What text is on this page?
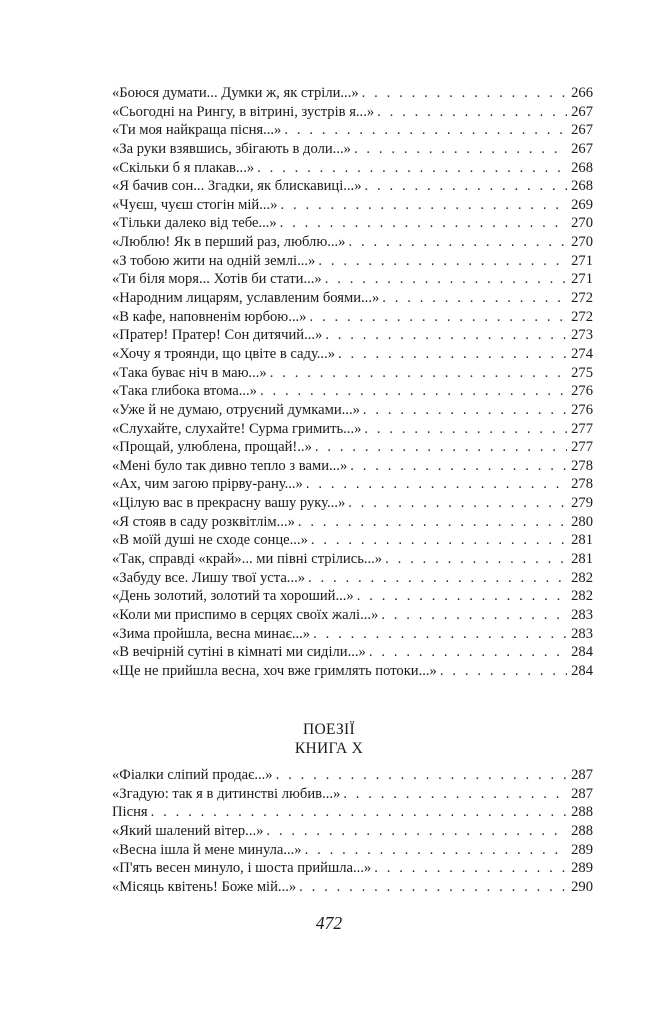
«Боюся думати... Думки ж, як стріли...» . . .	266
«Сьогодні на Рингу, в вітрині, зустрів я...» . . .	267
«Ти моя найкраща пісня...» . . .	267
«За руки взявшись, збігають в доли...» . . .	267
«Скільки б я плакав...» . . .	268
«Я бачив сон... Згадки, як блискавиці...» . . .	268
«Чуєш, чуєш стогін мій...» . . .	269
«Тільки далеко від тебе...» . . .	270
«Люблю! Як в перший раз, люблю...» . . .	270
«З тобою жити на одній землі...» . . .	271
«Ти біля моря... Хотів би стати...» . . .	271
«Народним лицарям, уславленим боями...» . . .	272
«В кафе, наповненім юрбою...» . . .	272
«Пратер! Пратер! Сон дитячий...» . . .	273
«Хочу я троянди, що цвіте в саду...» . . .	274
«Така буває ніч в маю...» . . .	275
«Така глибока втома...» . . .	276
«Уже й не думаю, отруєний думками...» . . .	276
«Слухайте, слухайте! Сурма гримить...» . . .	277
«Прощай, улюблена, прощай!..» . . .	277
«Мені було так дивно тепло з вами...» . . .	278
«Ах, чим загою прірву-рану...» . . .	278
«Цілую вас в прекрасну вашу руку...» . . .	279
«Я стояв в саду розквітлім...» . . .	280
«В моїй душі не сходе сонце...» . . .	281
«Так, справді «край»... ми півні стрілись...» . . .	281
«Забуду все. Лишу твої уста...» . . .	282
«День золотий, золотий та хороший...» . . .	282
«Коли ми приспимо в серцях своїх жалі...» . . .	283
«Зима пройшла, весна минає...» . . .	283
«В вечірній сутіні в кімнаті ми сиділи...» . . .	284
«Ще не прийшла весна, хоч вже гримлять потоки...» . . .	284
ПОЕЗІЇ
КНИГА Х
«Фіалки сліпий продає...» . . .	287
«Згадую: так я в дитинстві любив...» . . .	287
Пісня . . .	288
«Який шалений вітер...» . . .	288
«Весна ішла й мене минула...» . . .	289
«П'ять весен минуло, і шоста прийшла...» . . .	289
«Місяць квітень! Боже мій...» . . .	290
472
